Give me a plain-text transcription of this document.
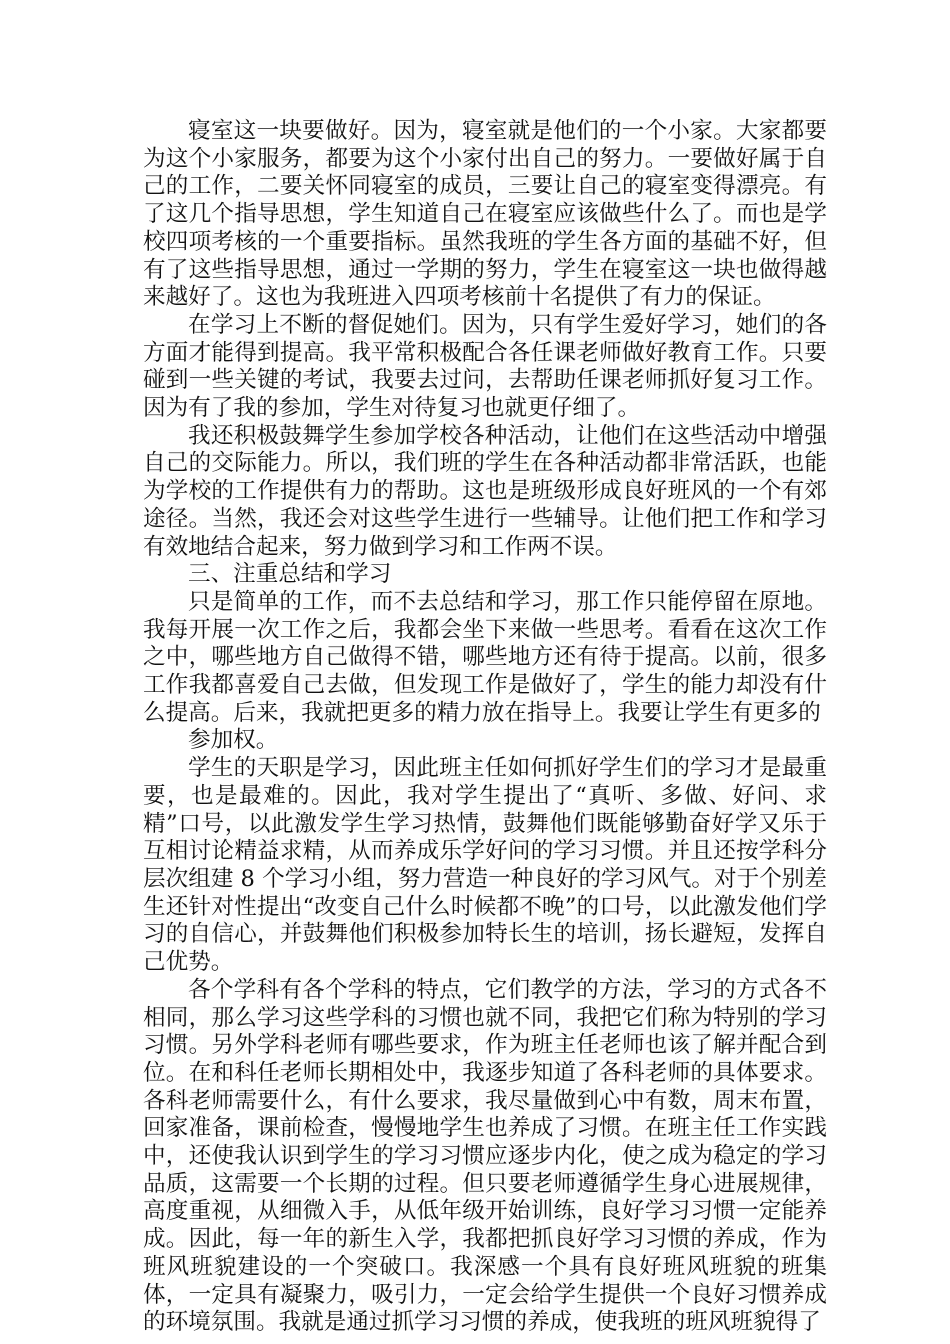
寝室这一块要做好。因为，寝室就是他们的一个小家。大家都要为这个小家服务，都要为这个小家付出自己的努力。一要做好属于自己的工作，二要关怀同寝室的成员，三要让自己的寝室变得漂亮。有了这几个指导思想，学生知道自己在寝室应该做些什么了。而也是学校四项考核的一个重要指标。虽然我班的学生各方面的基础不好，但有了这些指导思想，通过一学期的努力，学生在寝室这一块也做得越来越好了。这也为我班进入四项考核前十名提供了有力的保证。

在学习上不断的督促她们。因为，只有学生爱好学习，她们的各方面才能得到提高。我平常积极配合各任课老师做好教育工作。只要碰到一些关键的考试，我要去过问，去帮助任课老师抓好复习工作。因为有了我的参加，学生对待复习也就更仔细了。

我还积极鼓舞学生参加学校各种活动，让他们在这些活动中增强自己的交际能力。所以，我们班的学生在各种活动都非常活跃，也能为学校的工作提供有力的帮助。这也是班级形成良好班风的一个有郊途径。当然，我还会对这些学生进行一些辅导。让他们把工作和学习有效地结合起来，努力做到学习和工作两不误。

三、注重总结和学习

只是简单的工作，而不去总结和学习，那工作只能停留在原地。我每开展一次工作之后，我都会坐下来做一些思考。看看在这次工作之中，哪些地方自己做得不错，哪些地方还有待于提高。以前，很多工作我都喜爱自己去做，但发现工作是做好了，学生的能力却没有什么提高。后来，我就把更多的精力放在指导上。我要让学生有更多的

参加权。

学生的天职是学习，因此班主任如何抓好学生们的学习才是最重要，也是最难的。因此，我对学生提出了“真听、多做、好问、求精”口号，以此激发学生学习热情，鼓舞他们既能够勤奋好学又乐于互相讨论精益求精，从而养成乐学好问的学习习惯。并且还按学科分层次组建 8 个学习小组，努力营造一种良好的学习风气。对于个别差生还针对性提出“改变自己什么时候都不晚”的口号，以此激发他们学习的自信心，并鼓舞他们积极参加特长生的培训，扬长避短，发挥自己优势。

各个学科有各个学科的特点，它们教学的方法，学习的方式各不相同，那么学习这些学科的习惯也就不同，我把它们称为特别的学习习惯。另外学科老师有哪些要求，作为班主任老师也该了解并配合到位。在和科任老师长期相处中，我逐步知道了各科老师的具体要求。各科老师需要什么，有什么要求，我尽量做到心中有数，周末布置，回家准备，课前检查，慢慢地学生也养成了习惯。在班主任工作实践中，还使我认识到学生的学习习惯应逐步内化，使之成为稳定的学习品质，这需要一个长期的过程。但只要老师遵循学生身心进展规律，高度重视，从细微入手，从低年级开始训练，良好学习习惯一定能养成。因此，每一年的新生入学，我都把抓良好学习习惯的养成，作为班风班貌建设的一个突破口。我深感一个具有良好班风班貌的班集体，一定具有凝聚力，吸引力，一定会给学生提供一个良好习惯养成的环境氛围。我就是通过抓学习习惯的养成，使我班的班风班貌得了
